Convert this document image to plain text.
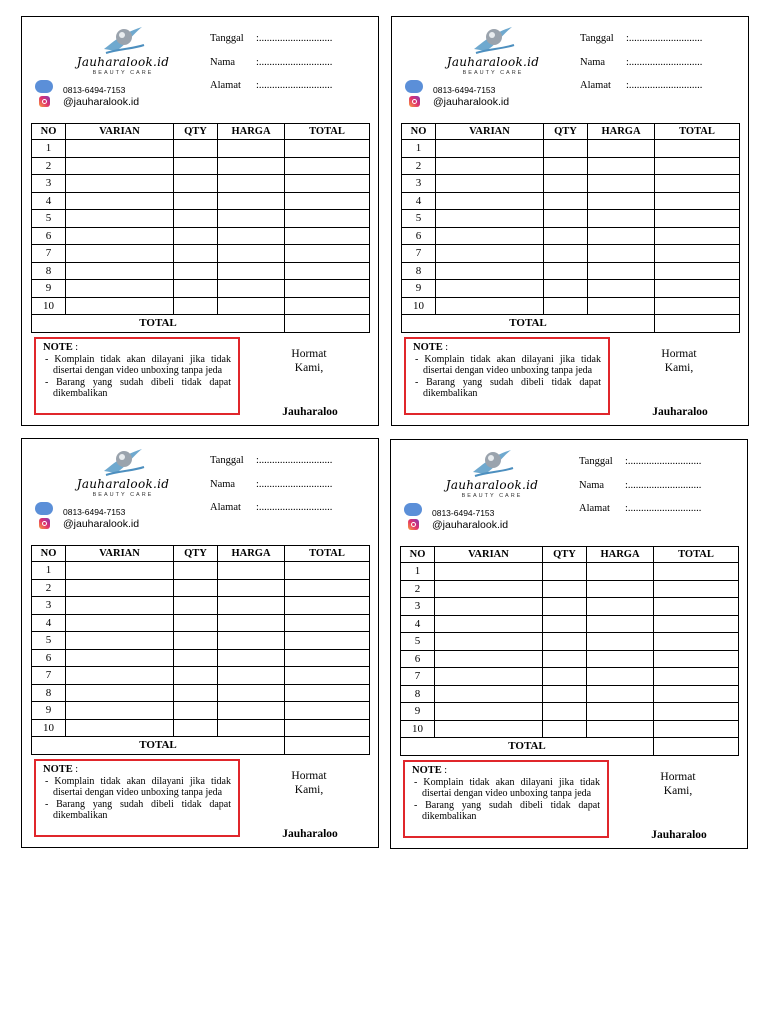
Jauharalook.id
BEAUTY CARE
0813-6494-7153
@jauharalook.id
Tanggal :............................
Nama :............................
Alamat :............................
NO	VARIAN	QTY	HARGA	TOTAL
1				
2				
3				
4				
5				
6				
7				
8				
9				
10				
TOTAL				
NOTE :
- Komplain tidak akan dilayani jika tidak disertai dengan video unboxing tanpa jeda
- Barang yang sudah dibeli tidak dapat dikembalikan
Hormat
Kami,
Jauharaloo
Jauharalook.id
BEAUTY CARE
0813-6494-7153
@jauharalook.id
Tanggal :............................
Nama :............................
Alamat :............................
NO	VARIAN	QTY	HARGA	TOTAL
1				
2				
3				
4				
5				
6				
7				
8				
9				
10				
TOTAL				
NOTE :
- Komplain tidak akan dilayani jika tidak disertai dengan video unboxing tanpa jeda
- Barang yang sudah dibeli tidak dapat dikembalikan
Hormat
Kami,
Jauharaloo
Jauharalook.id
BEAUTY CARE
0813-6494-7153
@jauharalook.id
Tanggal :............................
Nama :............................
Alamat :............................
NO	VARIAN	QTY	HARGA	TOTAL
1				
2				
3				
4				
5				
6				
7				
8				
9				
10				
TOTAL				
NOTE :
- Komplain tidak akan dilayani jika tidak disertai dengan video unboxing tanpa jeda
- Barang yang sudah dibeli tidak dapat dikembalikan
Hormat
Kami,
Jauharaloo
Jauharalook.id
BEAUTY CARE
0813-6494-7153
@jauharalook.id
Tanggal :............................
Nama :............................
Alamat :............................
NO	VARIAN	QTY	HARGA	TOTAL
1				
2				
3				
4				
5				
6				
7				
8				
9				
10				
TOTAL				
NOTE :
- Komplain tidak akan dilayani jika tidak disertai dengan video unboxing tanpa jeda
- Barang yang sudah dibeli tidak dapat dikembalikan
Hormat
Kami,
Jauharaloo
